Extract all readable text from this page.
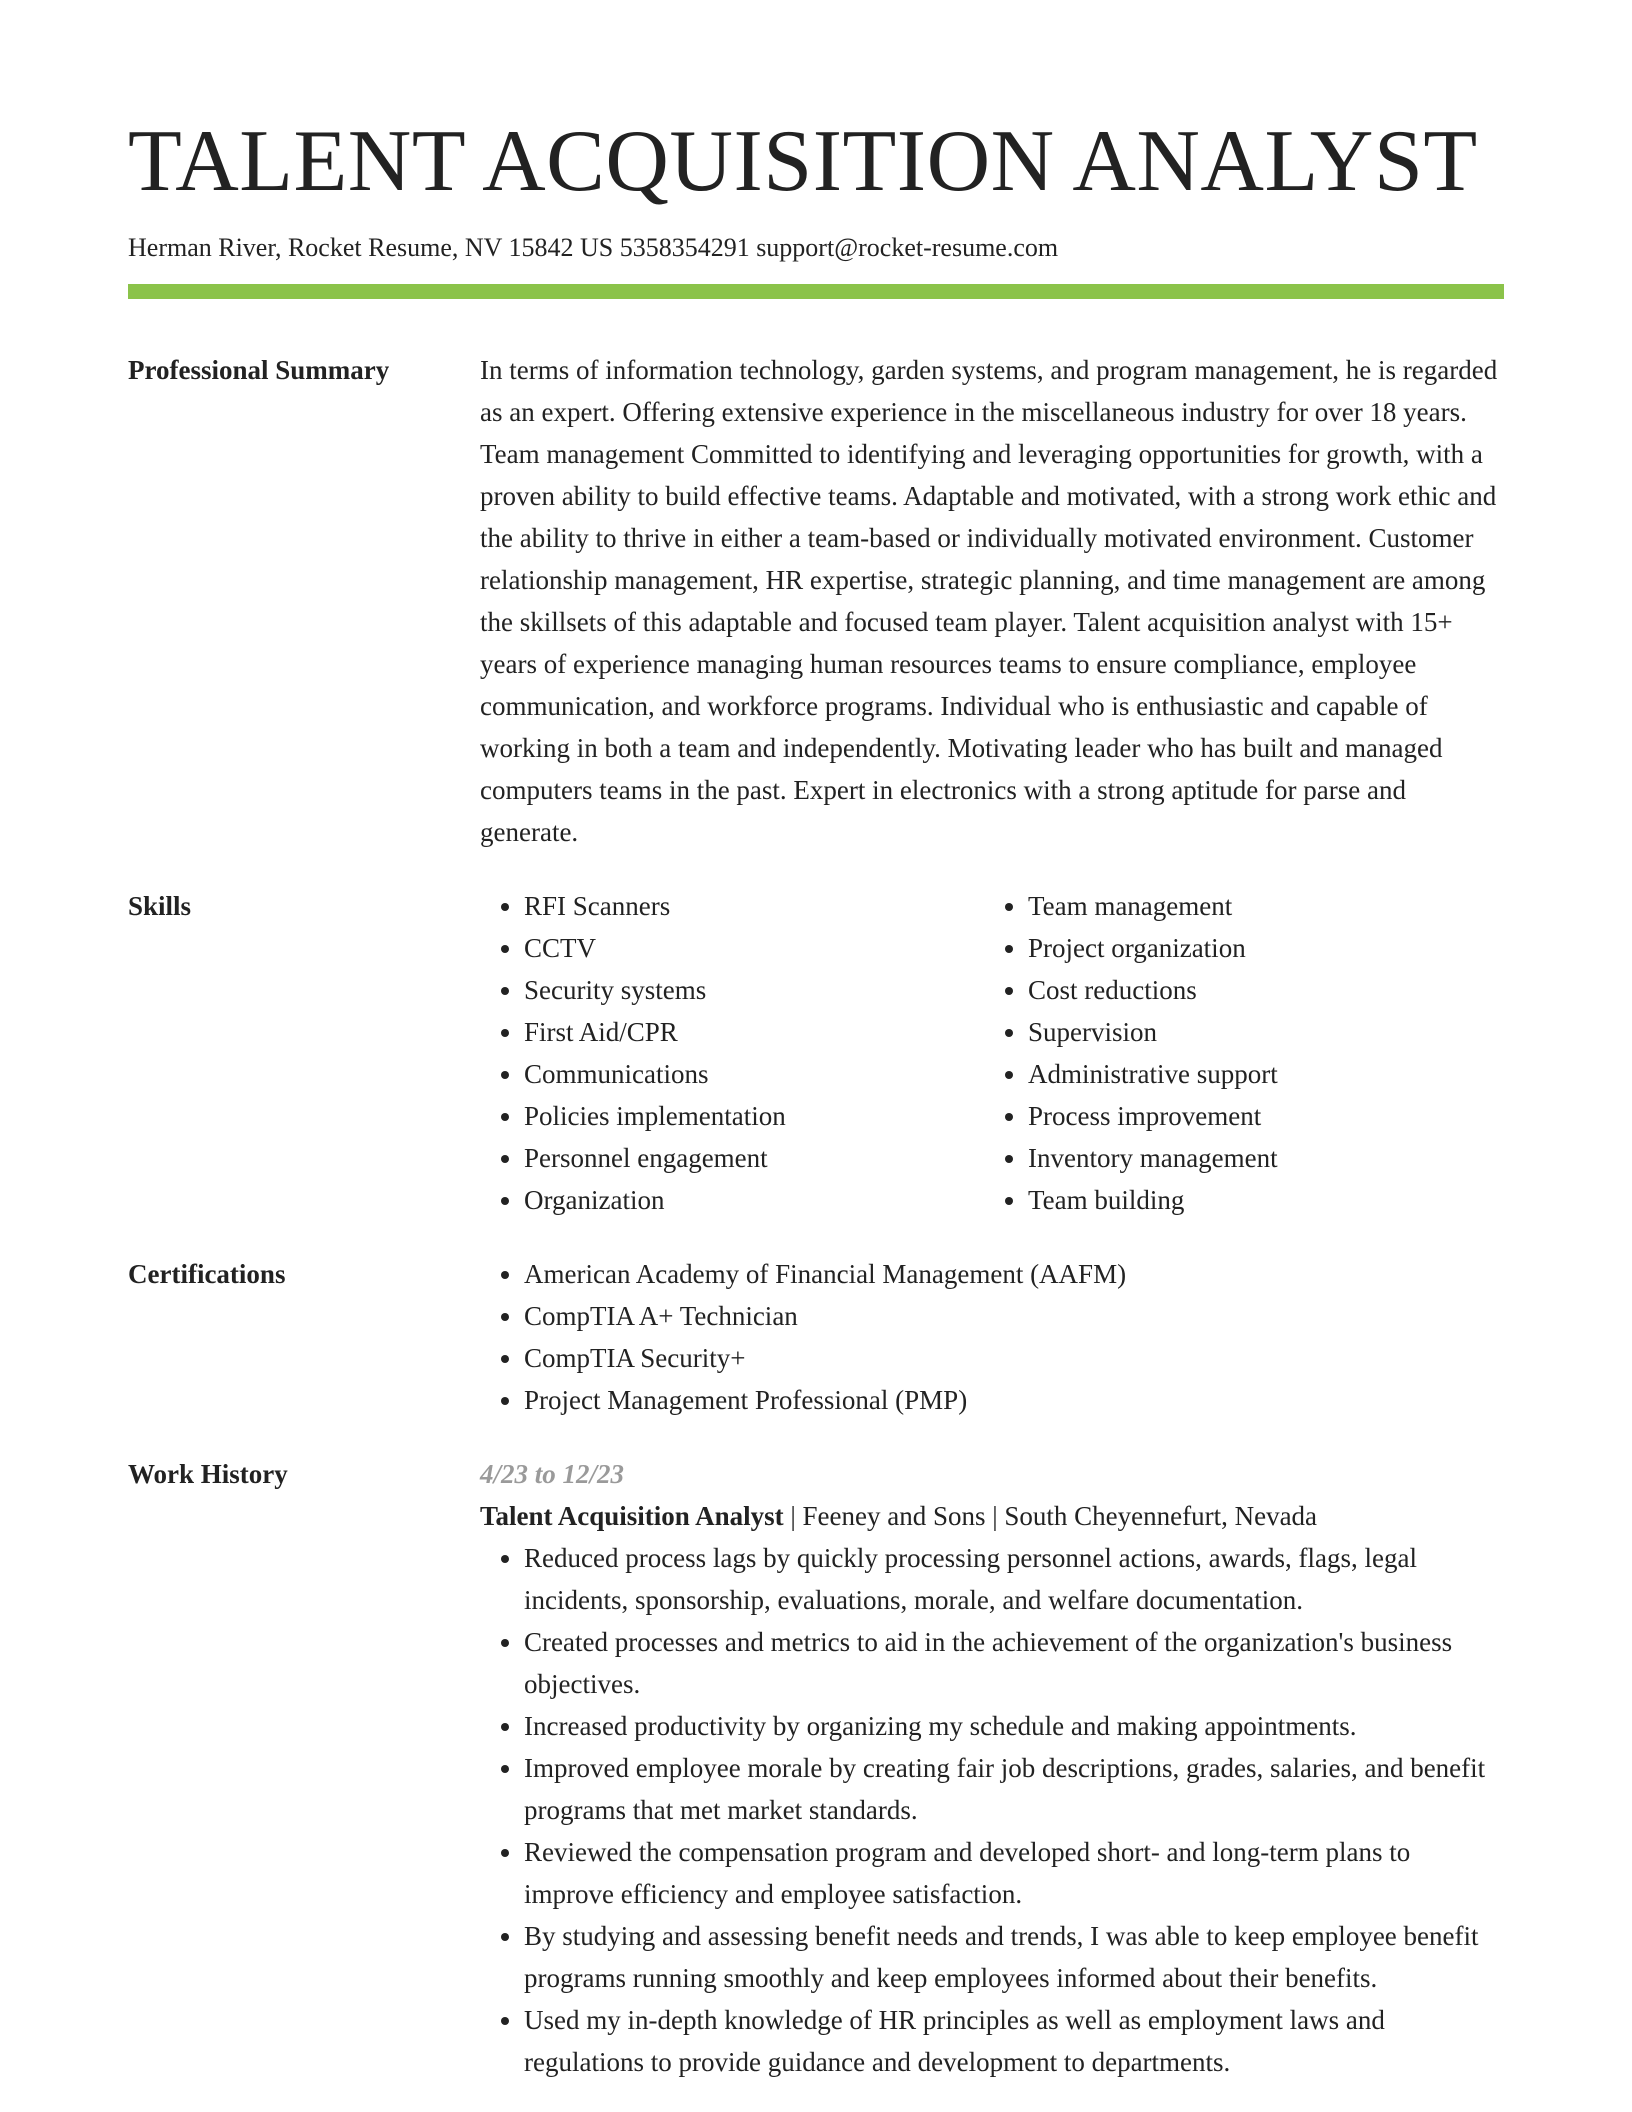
TALENT ACQUISITION ANALYST
Herman River, Rocket Resume, NV 15842 US 5358354291 support@rocket-resume.com
Professional Summary	In terms of information technology, garden systems, and program management, he is regarded as an expert. Offering extensive experience in the miscellaneous industry for over 18 years. Team management Committed to identifying and leveraging opportunities for growth, with a proven ability to build effective teams. Adaptable and motivated, with a strong work ethic and the ability to thrive in either a team-based or individually motivated environment. Customer relationship management, HR expertise, strategic planning, and time management are among the skillsets of this adaptable and focused team player. Talent acquisition analyst with 15+ years of experience managing human resources teams to ensure compliance, employee communication, and workforce programs. Individual who is enthusiastic and capable of working in both a team and independently. Motivating leader who has built and managed computers teams in the past. Expert in electronics with a strong aptitude for parse and generate.
Skills	• RFI Scanners
• CCTV
• Security systems
• First Aid/CPR
• Communications
• Policies implementation
• Personnel engagement
• Organization
• Team management
• Project organization
• Cost reductions
• Supervision
• Administrative support
• Process improvement
• Inventory management
• Team building
Certifications	• American Academy of Financial Management (AAFM)
• CompTIA A+ Technician
• CompTIA Security+
• Project Management Professional (PMP)
Work History	4/23 to 12/23
Talent Acquisition Analyst | Feeney and Sons | South Cheyennefurt, Nevada
• Reduced process lags by quickly processing personnel actions, awards, flags, legal incidents, sponsorship, evaluations, morale, and welfare documentation.
• Created processes and metrics to aid in the achievement of the organization's business objectives.
• Increased productivity by organizing my schedule and making appointments.
• Improved employee morale by creating fair job descriptions, grades, salaries, and benefit programs that met market standards.
• Reviewed the compensation program and developed short- and long-term plans to improve efficiency and employee satisfaction.
• By studying and assessing benefit needs and trends, I was able to keep employee benefit programs running smoothly and keep employees informed about their benefits.
• Used my in-depth knowledge of HR principles as well as employment laws and regulations to provide guidance and development to departments.
